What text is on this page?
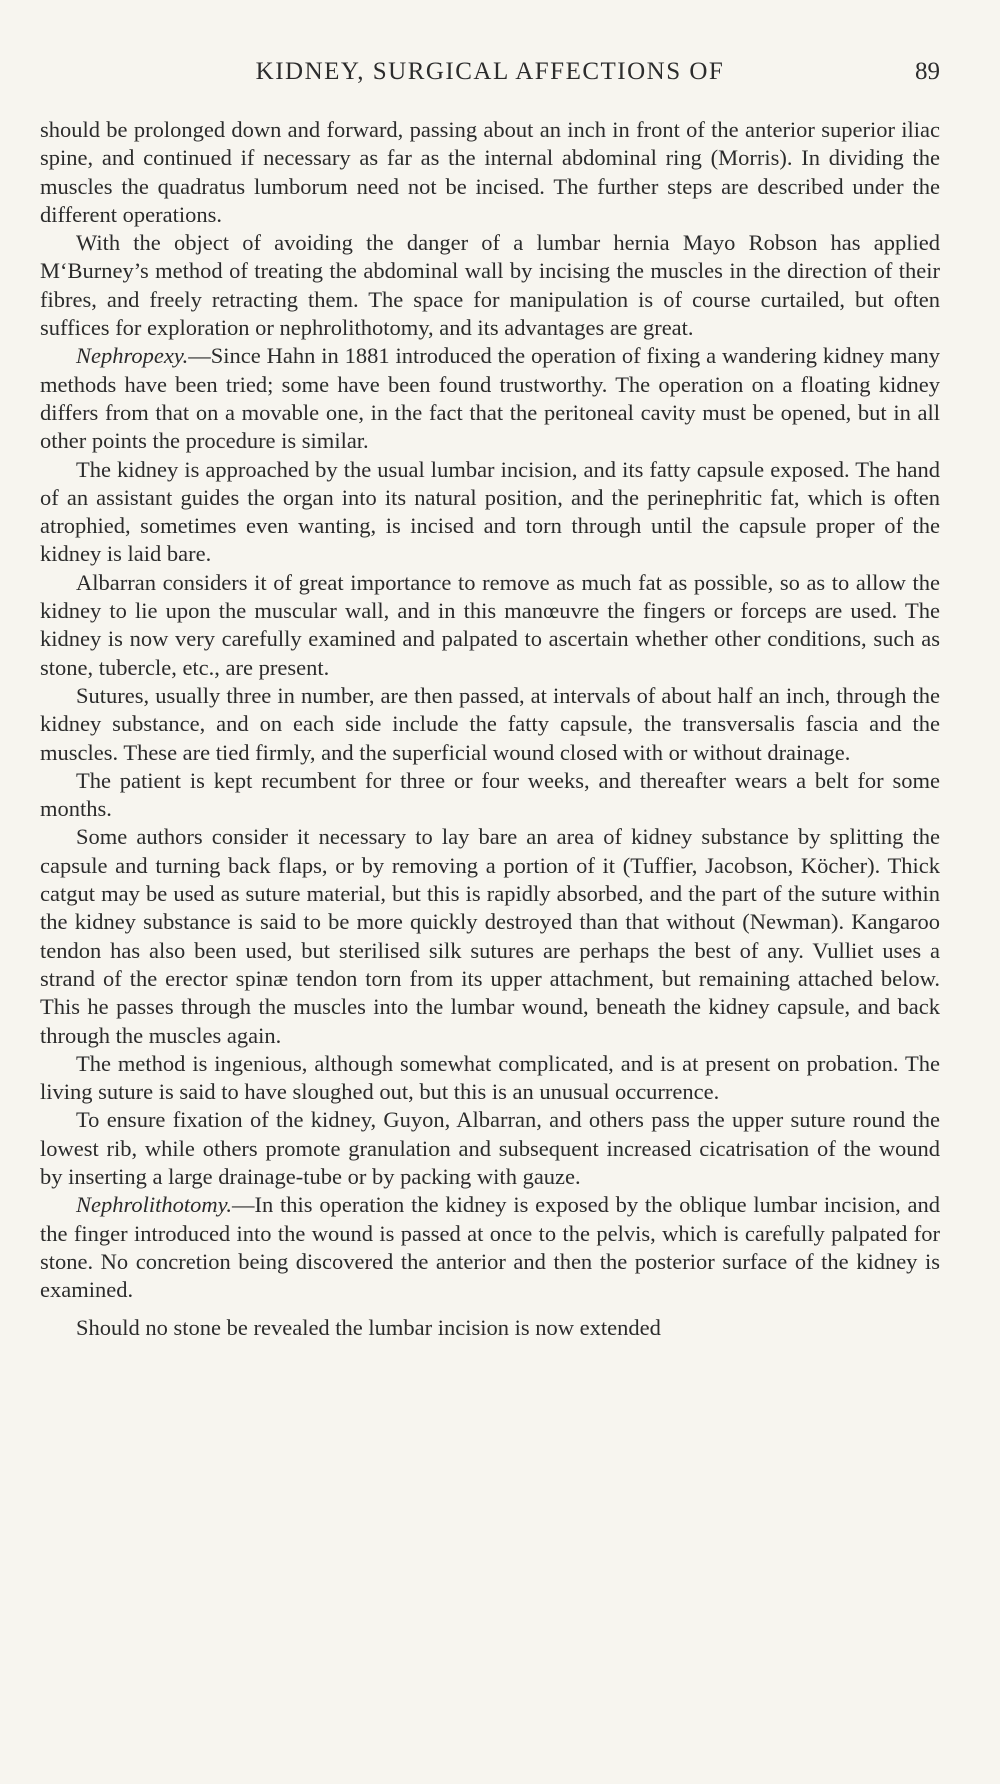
KIDNEY, SURGICAL AFFECTIONS OF	89

should be prolonged down and forward, passing about an inch in front of the anterior superior iliac spine, and continued if necessary as far as the internal abdominal ring (Morris). In dividing the muscles the quadratus lumborum need not be incised. The further steps are described under the different operations.

With the object of avoiding the danger of a lumbar hernia Mayo Robson has applied M‘Burney’s method of treating the abdominal wall by incising the muscles in the direction of their fibres, and freely retracting them. The space for manipulation is of course curtailed, but often suffices for exploration or nephrolithotomy, and its advantages are great.

Nephropexy.—Since Hahn in 1881 introduced the operation of fixing a wandering kidney many methods have been tried; some have been found trustworthy. The operation on a floating kidney differs from that on a movable one, in the fact that the peritoneal cavity must be opened, but in all other points the procedure is similar.

The kidney is approached by the usual lumbar incision, and its fatty capsule exposed. The hand of an assistant guides the organ into its natural position, and the perinephritic fat, which is often atrophied, sometimes even wanting, is incised and torn through until the capsule proper of the kidney is laid bare.

Albarran considers it of great importance to remove as much fat as possible, so as to allow the kidney to lie upon the muscular wall, and in this manœuvre the fingers or forceps are used. The kidney is now very carefully examined and palpated to ascertain whether other conditions, such as stone, tubercle, etc., are present.

Sutures, usually three in number, are then passed, at intervals of about half an inch, through the kidney substance, and on each side include the fatty capsule, the transversalis fascia and the muscles. These are tied firmly, and the superficial wound closed with or without drainage.

The patient is kept recumbent for three or four weeks, and thereafter wears a belt for some months.

Some authors consider it necessary to lay bare an area of kidney substance by splitting the capsule and turning back flaps, or by removing a portion of it (Tuffier, Jacobson, Köcher). Thick catgut may be used as suture material, but this is rapidly absorbed, and the part of the suture within the kidney substance is said to be more quickly destroyed than that without (Newman). Kangaroo tendon has also been used, but sterilised silk sutures are perhaps the best of any. Vulliet uses a strand of the erector spinæ tendon torn from its upper attachment, but remaining attached below. This he passes through the muscles into the lumbar wound, beneath the kidney capsule, and back through the muscles again.

The method is ingenious, although somewhat complicated, and is at present on probation. The living suture is said to have sloughed out, but this is an unusual occurrence.

To ensure fixation of the kidney, Guyon, Albarran, and others pass the upper suture round the lowest rib, while others promote granulation and subsequent increased cicatrisation of the wound by inserting a large drainage-tube or by packing with gauze.

Nephrolithotomy.—In this operation the kidney is exposed by the oblique lumbar incision, and the finger introduced into the wound is passed at once to the pelvis, which is carefully palpated for stone. No concretion being discovered the anterior and then the posterior surface of the kidney is examined.

Should no stone be revealed the lumbar incision is now extended
